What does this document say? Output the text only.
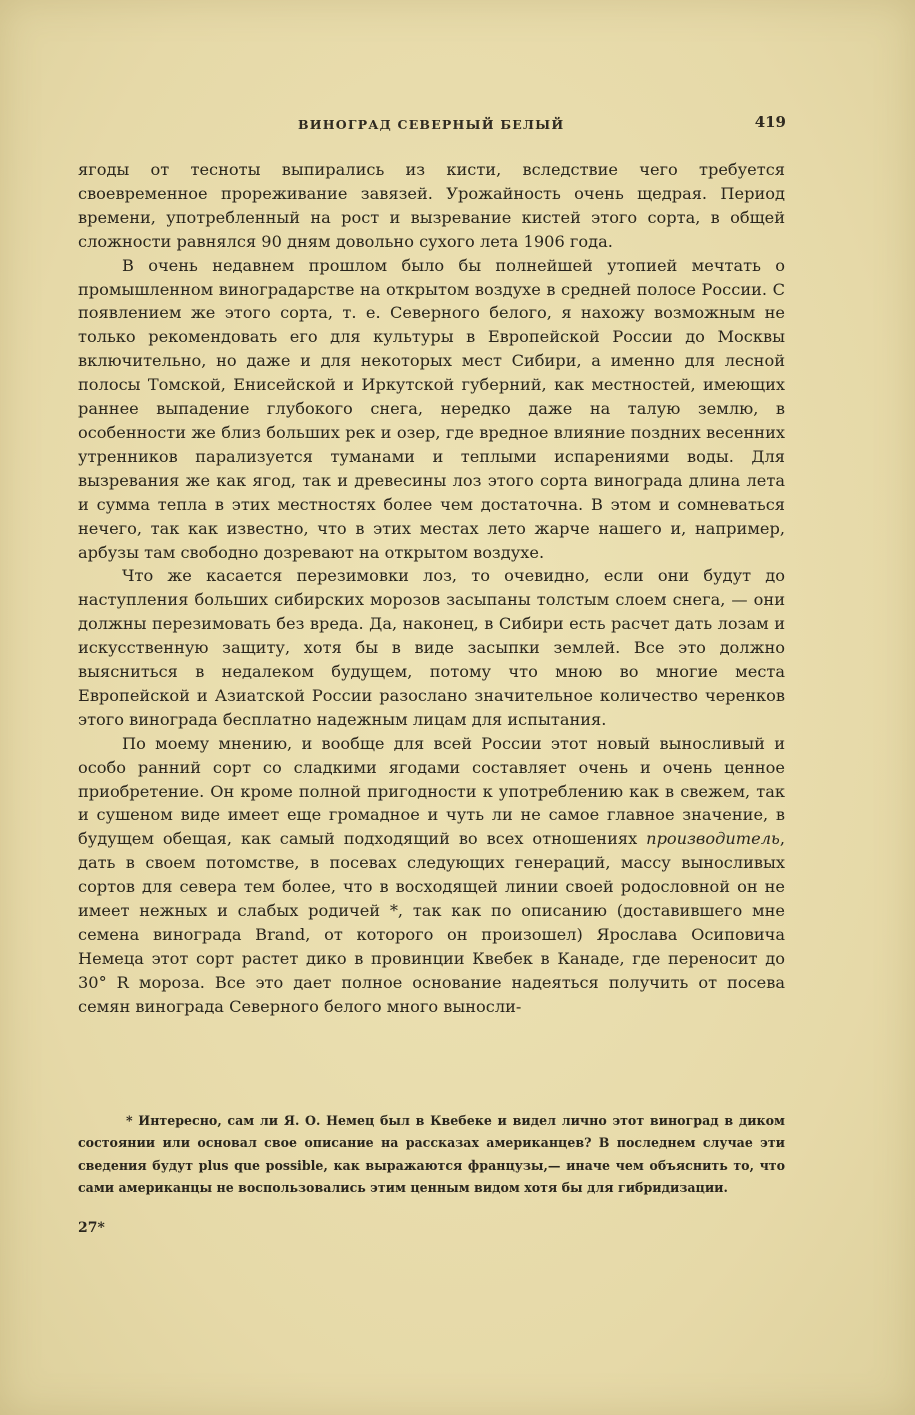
ВИНОГРАД СЕВЕРНЫЙ БЕЛЫЙ	419

ягоды от тесноты выпирались из кисти, вследствие чего требуется своевременное прореживание завязей. Урожайность очень щедрая. Период времени, употребленный на рост и вызревание кистей этого сорта, в общей сложности равнялся 90 дням довольно сухого лета 1906 года.

В очень недавнем прошлом было бы полнейшей утопией мечтать о промышленном виноградарстве на открытом воздухе в средней полосе России. С появлением же этого сорта, т. е. Северного белого, я нахожу возможным не только рекомендовать его для культуры в Европейской России до Москвы включительно, но даже и для некоторых мест Сибири, а именно для лесной полосы Томской, Енисейской и Иркутской губерний, как местностей, имеющих раннее выпадение глубокого снега, нередко даже на талую землю, в особенности же близ больших рек и озер, где вредное влияние поздних весенних утренников парализуется туманами и теплыми испарениями воды. Для вызревания же как ягод, так и древесины лоз этого сорта винограда длина лета и сумма тепла в этих местностях более чем достаточна. В этом и сомневаться нечего, так как известно, что в этих местах лето жарче нашего и, например, арбузы там свободно дозревают на открытом воздухе.

Что же касается перезимовки лоз, то очевидно, если они будут до наступления больших сибирских морозов засыпаны толстым слоем снега, — они должны перезимовать без вреда. Да, наконец, в Сибири есть расчет дать лозам и искусственную защиту, хотя бы в виде засыпки землей. Все это должно выясниться в недалеком будущем, потому что мною во многие места Европейской и Азиатской России разослано значительное количество черенков этого винограда бесплатно надежным лицам для испытания.

По моему мнению, и вообще для всей России этот новый выносливый и особо ранний сорт со сладкими ягодами составляет очень и очень ценное приобретение. Он кроме полной пригодности к употреблению как в свежем, так и сушеном виде имеет еще громадное и чуть ли не самое главное значение, в будущем обещая, как самый подходящий во всех отношениях производитель, дать в своем потомстве, в посевах следующих генераций, массу выносливых сортов для севера тем более, что в восходящей линии своей родословной он не имеет нежных и слабых родичей *, так как по описанию (доставившего мне семена винограда Brand, от которого он произошел) Ярослава Осиповича Немеца этот сорт растет дико в провинции Квебек в Канаде, где переносит до 30° R мороза. Все это дает полное основание надеяться получить от посева семян винограда Северного белого много выносли-

* Интересно, сам ли Я. О. Немец был в Квебеке и видел лично этот виноград в диком состоянии или основал свое описание на рассказах американцев? В последнем случае эти сведения будут plus que possible, как выражаются французы,— иначе чем объяснить то, что сами американцы не воспользовались этим ценным видом хотя бы для гибридизации.
27*
